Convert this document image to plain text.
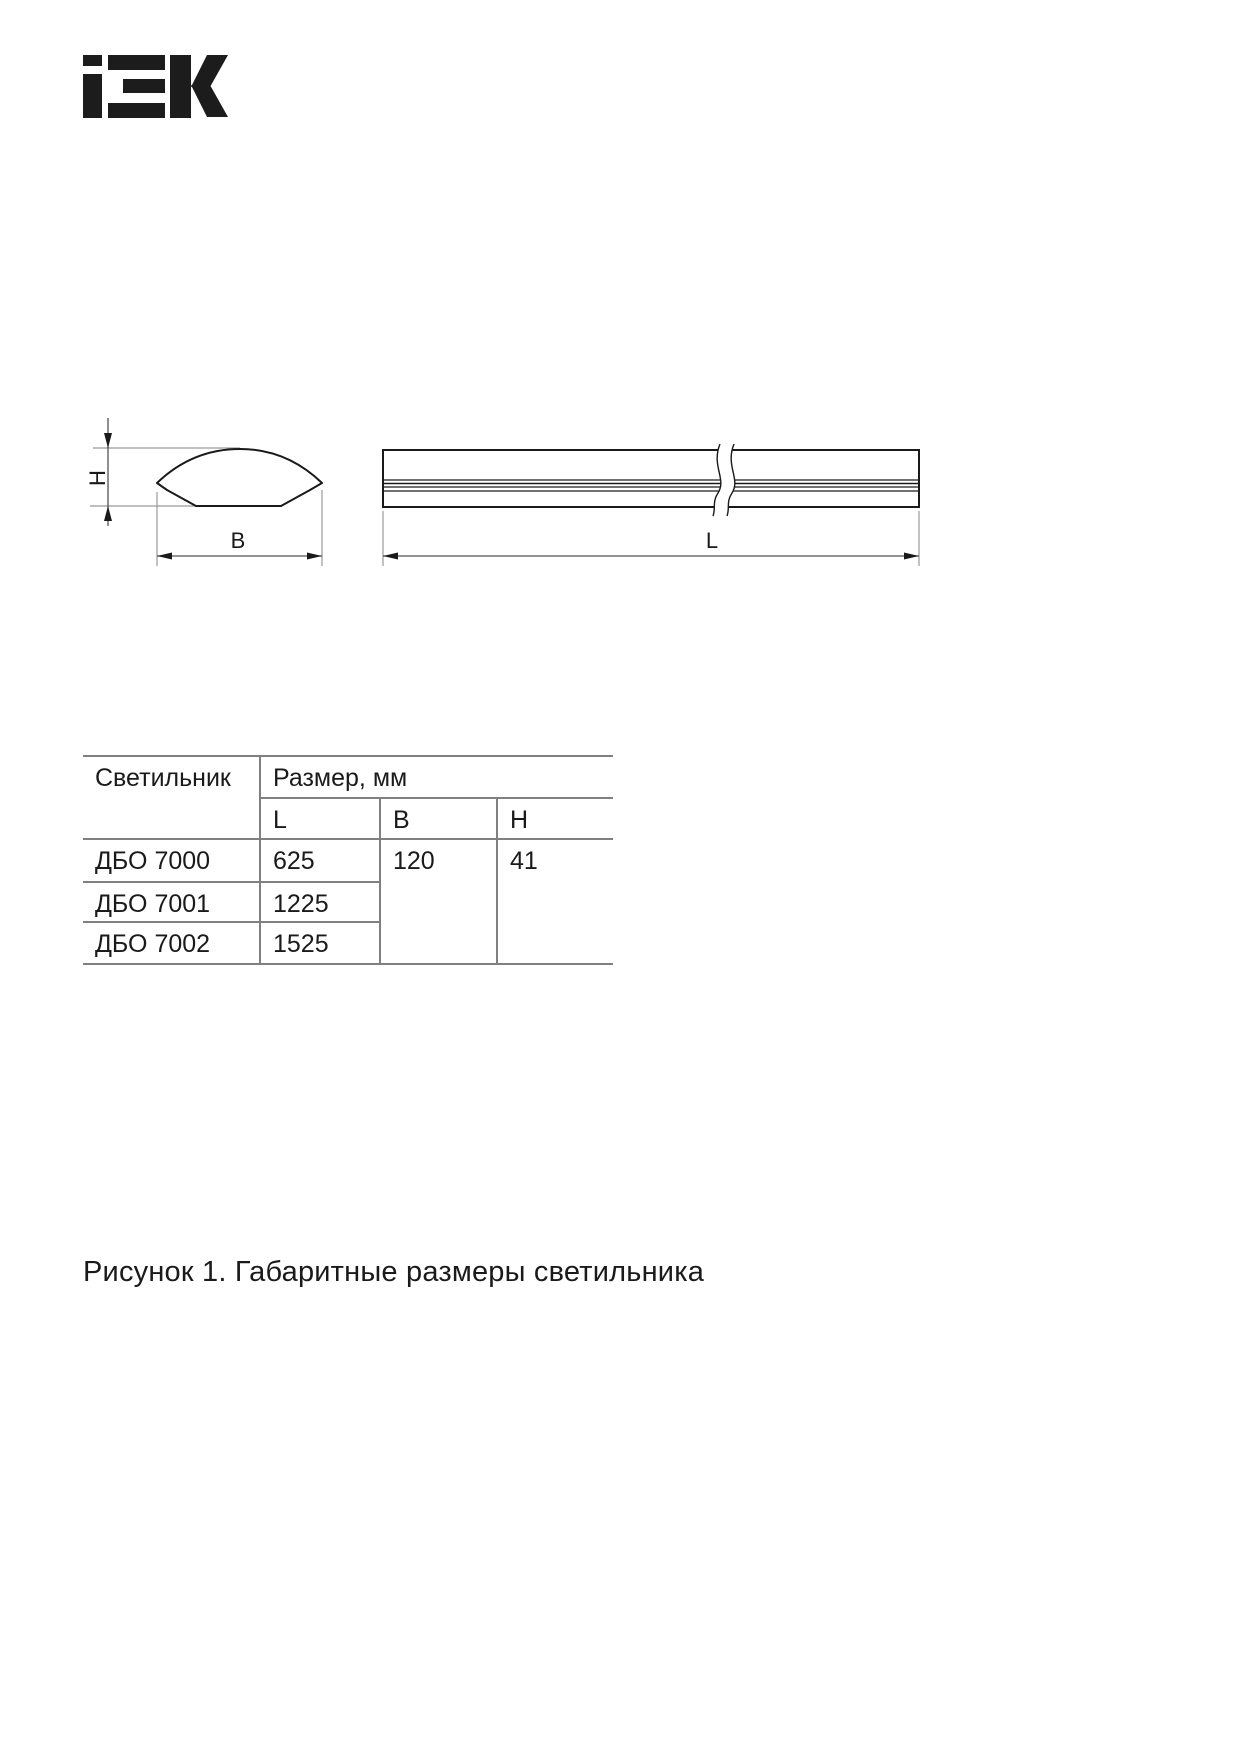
H
B	L
Светильник	Размер, мм		
	L	B	H
ДБО 7000	625	120	41
ДБО 7001	1225		
ДБО 7002	1525		
Рисунок 1. Габаритные размеры светильника
